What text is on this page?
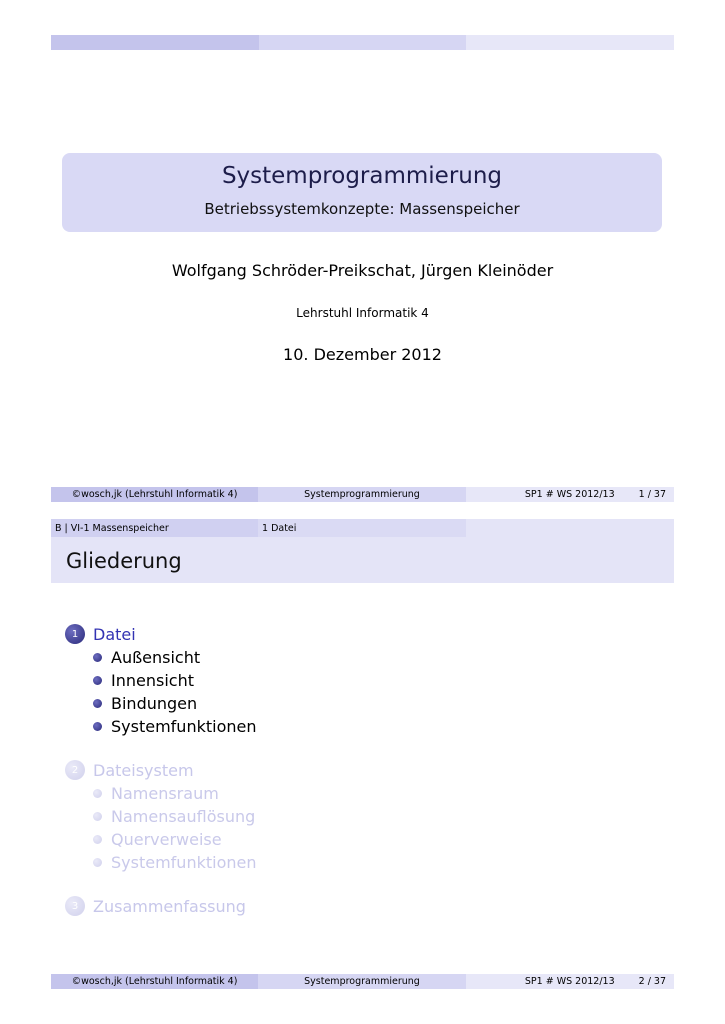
Systemprogrammierung
Betriebssystemkonzepte: Massenspeicher
Wolfgang Schröder-Preikschat, Jürgen Kleinöder
Lehrstuhl Informatik 4
10. Dezember 2012
©wosch,jk (Lehrstuhl Informatik 4)	Systemprogrammierung	SP1 # WS 2012/13	1 / 37
B | VI-1 Massenspeicher	1 Datei
Gliederung
1 Datei
Außensicht
Innensicht
Bindungen
Systemfunktionen
2 Dateisystem
Namensraum
Namensauflösung
Querverweise
Systemfunktionen
3 Zusammenfassung
©wosch,jk (Lehrstuhl Informatik 4)	Systemprogrammierung	SP1 # WS 2012/13	2 / 37
